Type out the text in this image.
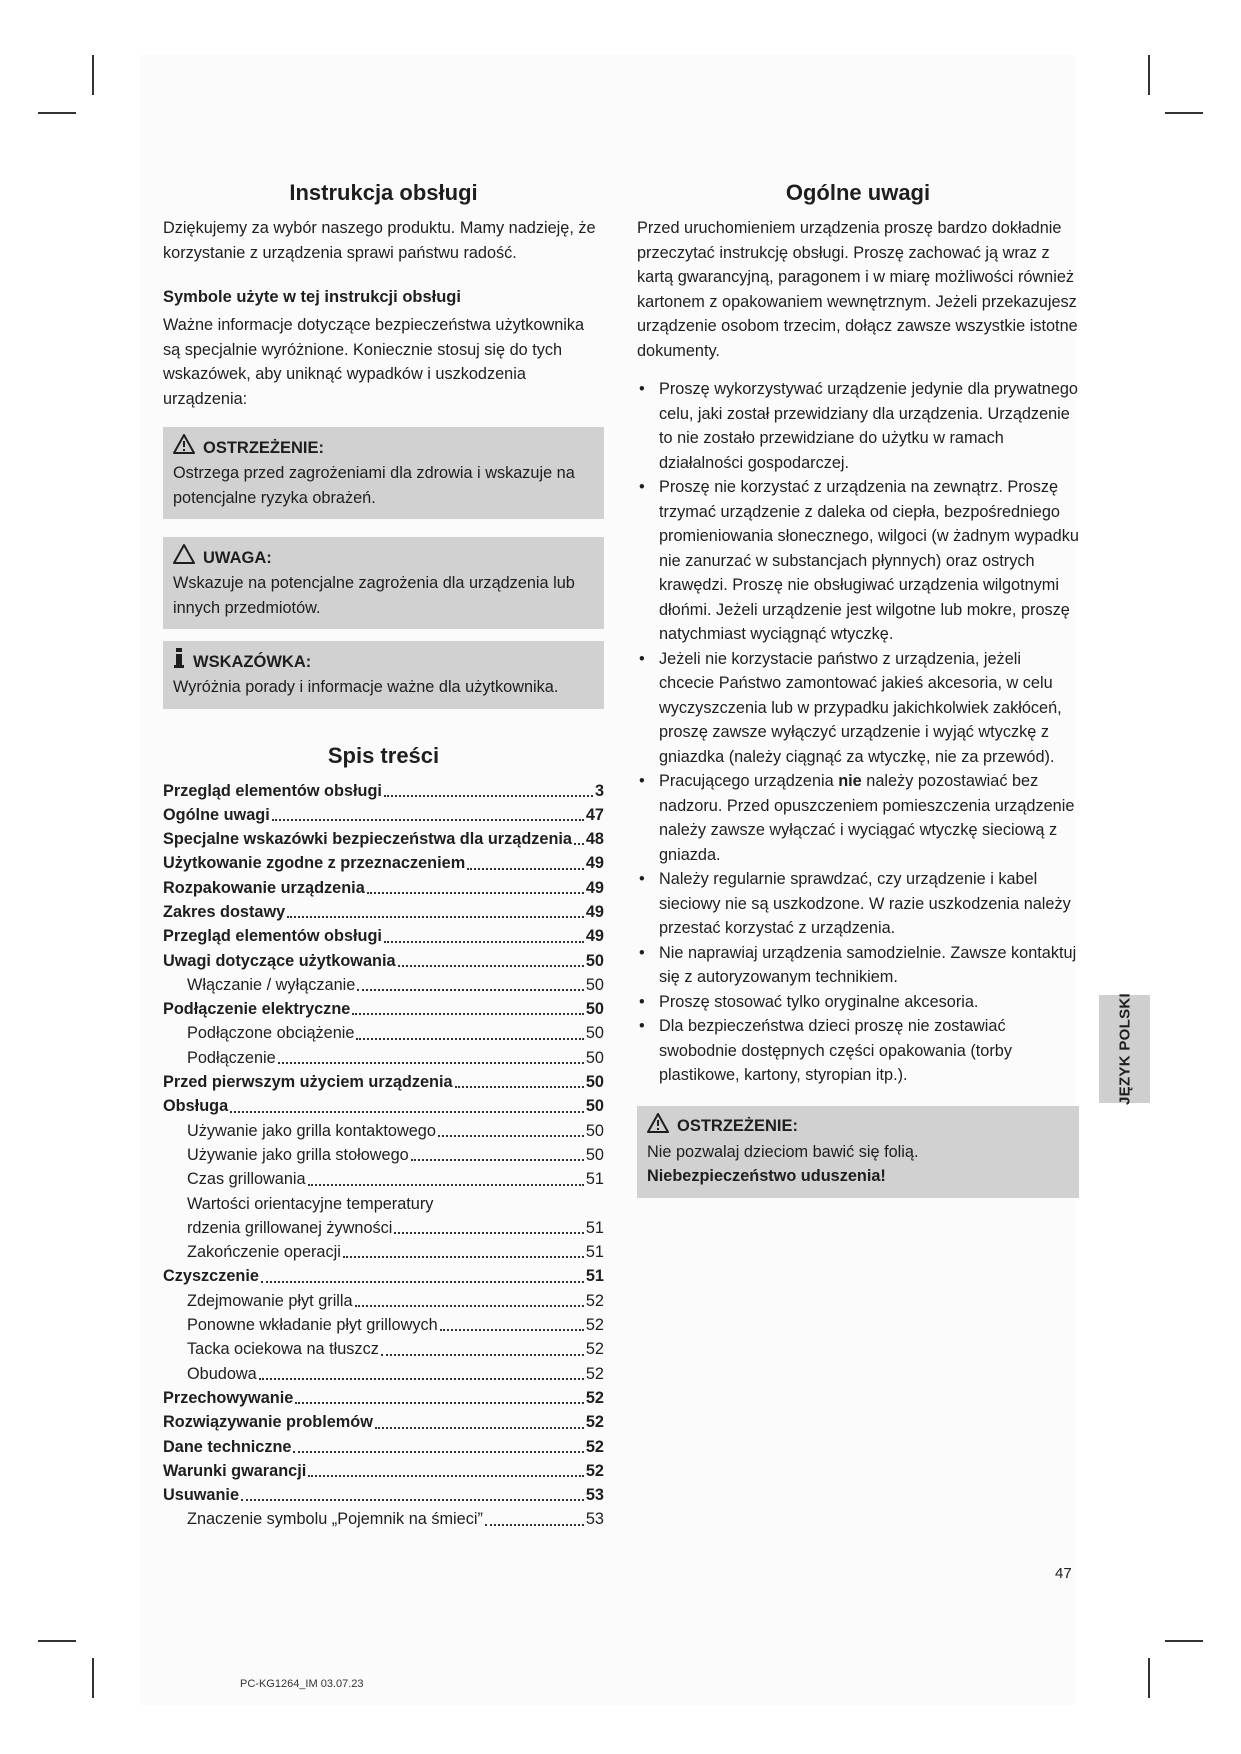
Instrukcja obsługi

Dziękujemy za wybór naszego produktu. Mamy nadzieję, że korzystanie z urządzenia sprawi państwu radość.

Symbole użyte w tej instrukcji obsługi

Ważne informacje dotyczące bezpieczeństwa użytkownika są specjalnie wyróżnione. Koniecznie stosuj się do tych wskazówek, aby uniknąć wypadków i uszkodzenia urządzenia:

OSTRZEŻENIE:

Ostrzega przed zagrożeniami dla zdrowia i wskazuje na potencjalne ryzyka obrażeń.

UWAGA:

Wskazuje na potencjalne zagrożenia dla urządzenia lub innych przedmiotów.

WSKAZÓWKA:

Wyróżnia porady i informacje ważne dla użytkownika.

Spis treści
Przegląd elementów obsługi	3
Ogólne uwagi	47
Specjalne wskazówki bezpieczeństwa dla urządzenia 48
Użytkowanie zgodne z przeznaczeniem	49
Rozpakowanie urządzenia	49
Zakres dostawy	49
Przegląd elementów obsługi	49
Uwagi dotyczące użytkowania	50
Włączanie / wyłączanie	50
Podłączenie elektryczne	50
Podłączone obciążenie	50
Podłączenie	50
Przed pierwszym użyciem urządzenia	50
Obsługa	50
Używanie jako grilla kontaktowego	50
Używanie jako grilla stołowego	50
Czas grillowania	51
Wartości orientacyjne temperatury
rdzenia grillowanej żywności	51
Zakończenie operacji	51
Czyszczenie	51
Zdejmowanie płyt grilla	52
Ponowne wkładanie płyt grillowych	52
Tacka ociekowa na tłuszcz	52
Obudowa	52
Przechowywanie	52
Rozwiązywanie problemów	52
Dane techniczne	52
Warunki gwarancji	52
Usuwanie	53
Znaczenie symbolu „Pojemnik na śmieci”	53
Ogólne uwagi

Przed uruchomieniem urządzenia proszę bardzo dokładnie przeczytać instrukcję obsługi. Proszę zachować ją wraz z kartą gwarancyjną, paragonem i w miarę możliwości również kartonem z opakowaniem wewnętrznym. Jeżeli przekazujesz urządzenie osobom trzecim, dołącz zawsze wszystkie istotne dokumenty.

• Proszę wykorzystywać urządzenie jedynie dla prywatnego celu, jaki został przewidziany dla urządzenia. Urządzenie to nie zostało przewidziane do użytku w ramach działalności gospodarczej.
• Proszę nie korzystać z urządzenia na zewnątrz. Proszę trzymać urządzenie z daleka od ciepła, bezpośredniego promieniowania słonecznego, wilgoci (w żadnym wypadku nie zanurzać w substancjach płynnych) oraz ostrych krawędzi. Proszę nie obsługiwać urządzenia wilgotnymi dłońmi. Jeżeli urządzenie jest wilgotne lub mokre, proszę natychmiast wyciągnąć wtyczkę.
• Jeżeli nie korzystacie państwo z urządzenia, jeżeli chcecie Państwo zamontować jakieś akcesoria, w celu wyczyszczenia lub w przypadku jakichkolwiek zakłóceń, proszę zawsze wyłączyć urządzenie i wyjąć wtyczkę z gniazdka (należy ciągnąć za wtyczkę, nie za przewód).
• Pracującego urządzenia nie należy pozostawiać bez nadzoru. Przed opuszczeniem pomieszczenia urządzenie należy zawsze wyłączać i wyciągać wtyczkę sieciową z gniazda.
• Należy regularnie sprawdzać, czy urządzenie i kabel sieciowy nie są uszkodzone. W razie uszkodzenia należy przestać korzystać z urządzenia.
• Nie naprawiaj urządzenia samodzielnie. Zawsze kontaktuj się z autoryzowanym technikiem.
• Proszę stosować tylko oryginalne akcesoria.
• Dla bezpieczeństwa dzieci proszę nie zostawiać swobodnie dostępnych części opakowania (torby plastikowe, kartony, styropian itp.).
OSTRZEŻENIE:

Nie pozwalaj dzieciom bawić się folią. Niebezpieczeństwo uduszenia!

JĘZYK POLSKI
47
PC-KG1264_IM 03.07.23
